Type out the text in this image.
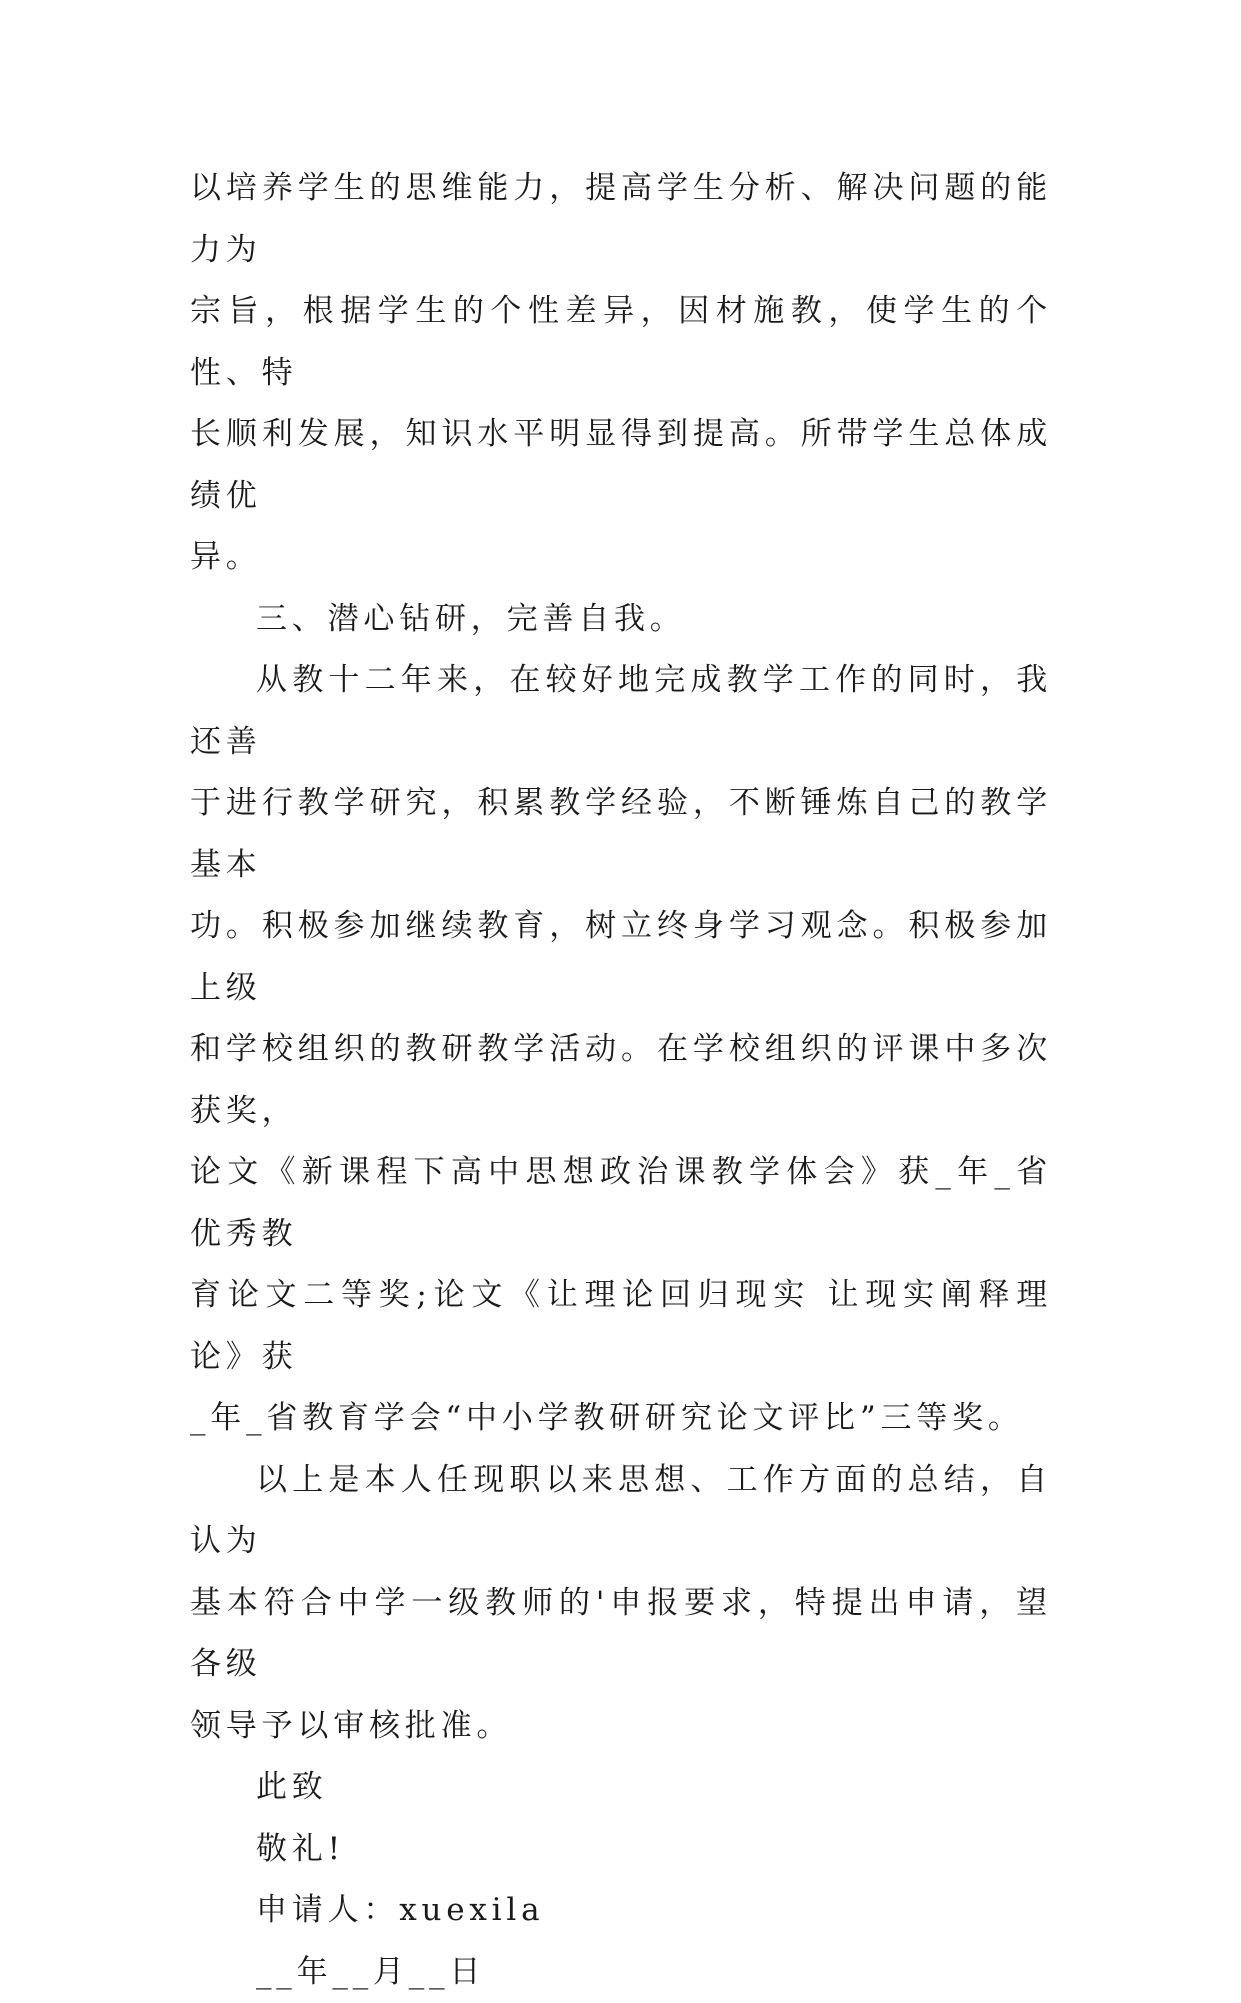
以培养学生的思维能力，提高学生分析、解决问题的能力为
宗旨，根据学生的个性差异，因材施教，使学生的个性、特
长顺利发展，知识水平明显得到提高。所带学生总体成绩优
异。

三、潜心钻研，完善自我。

从教十二年来，在较好地完成教学工作的同时，我还善
于进行教学研究，积累教学经验，不断锤炼自己的教学基本
功。积极参加继续教育，树立终身学习观念。积极参加上级
和学校组织的教研教学活动。在学校组织的评课中多次获奖，
论文《新课程下高中思想政治课教学体会》获_年_省优秀教
育论文二等奖;论文《让理论回归现实 让现实阐释理论》获
_年_省教育学会“中小学教研研究论文评比”三等奖。

以上是本人任现职以来思想、工作方面的总结，自认为
基本符合中学一级教师的'申报要求，特提出申请，望各级
领导予以审核批准。

此致

敬礼!

申请人：xuexila

__年__月__日
